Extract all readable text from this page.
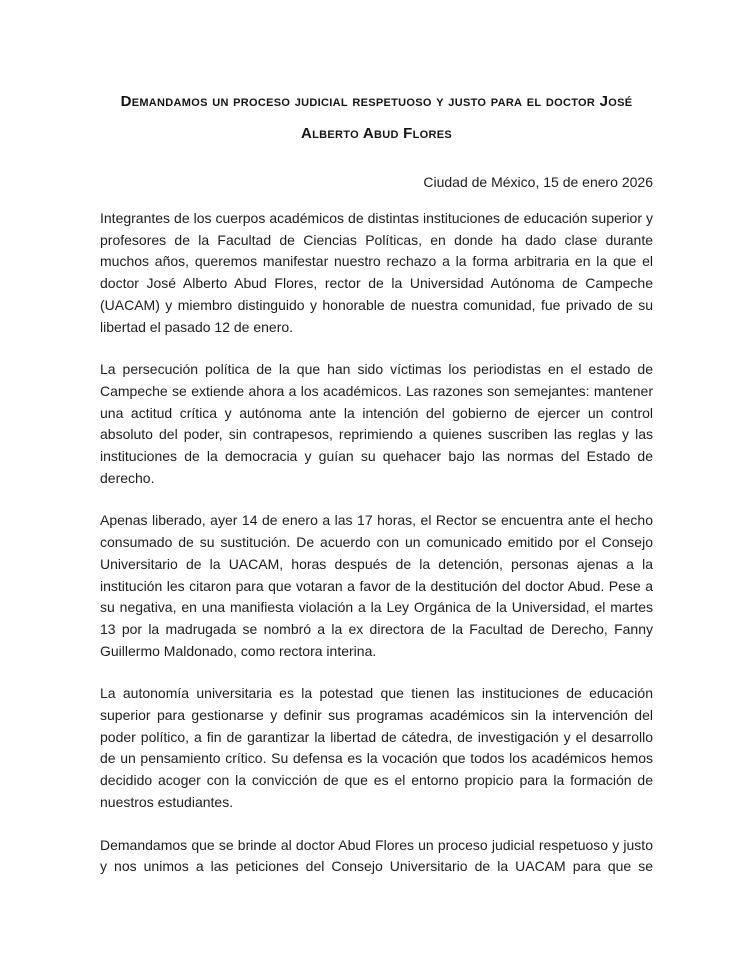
Demandamos un proceso judicial respetuoso y justo para el doctor José
Alberto Abud Flores

Ciudad de México, 15 de enero 2026

Integrantes de los cuerpos académicos de distintas instituciones de educación superior y profesores de la Facultad de Ciencias Políticas, en donde ha dado clase durante muchos años, queremos manifestar nuestro rechazo a la forma arbitraria en la que el doctor José Alberto Abud Flores, rector de la Universidad Autónoma de Campeche (UACAM) y miembro distinguido y honorable de nuestra comunidad, fue privado de su libertad el pasado 12 de enero.

La persecución política de la que han sido víctimas los periodistas en el estado de Campeche se extiende ahora a los académicos. Las razones son semejantes: mantener una actitud crítica y autónoma ante la intención del gobierno de ejercer un control absoluto del poder, sin contrapesos, reprimiendo a quienes suscriben las reglas y las instituciones de la democracia y guían su quehacer bajo las normas del Estado de derecho.

Apenas liberado, ayer 14 de enero a las 17 horas, el Rector se encuentra ante el hecho consumado de su sustitución. De acuerdo con un comunicado emitido por el Consejo Universitario de la UACAM, horas después de la detención, personas ajenas a la institución les citaron para que votaran a favor de la destitución del doctor Abud. Pese a su negativa, en una manifiesta violación a la Ley Orgánica de la Universidad, el martes 13 por la madrugada se nombró a la ex directora de la Facultad de Derecho, Fanny Guillermo Maldonado, como rectora interina.

La autonomía universitaria es la potestad que tienen las instituciones de educación superior para gestionarse y definir sus programas académicos sin la intervención del poder político, a fin de garantizar la libertad de cátedra, de investigación y el desarrollo de un pensamiento crítico. Su defensa es la vocación que todos los académicos hemos decidido acoger con la convicción de que es el entorno propicio para la formación de nuestros estudiantes.

Demandamos que se brinde al doctor Abud Flores un proceso judicial respetuoso y justo y nos unimos a las peticiones del Consejo Universitario de la UACAM para que se
